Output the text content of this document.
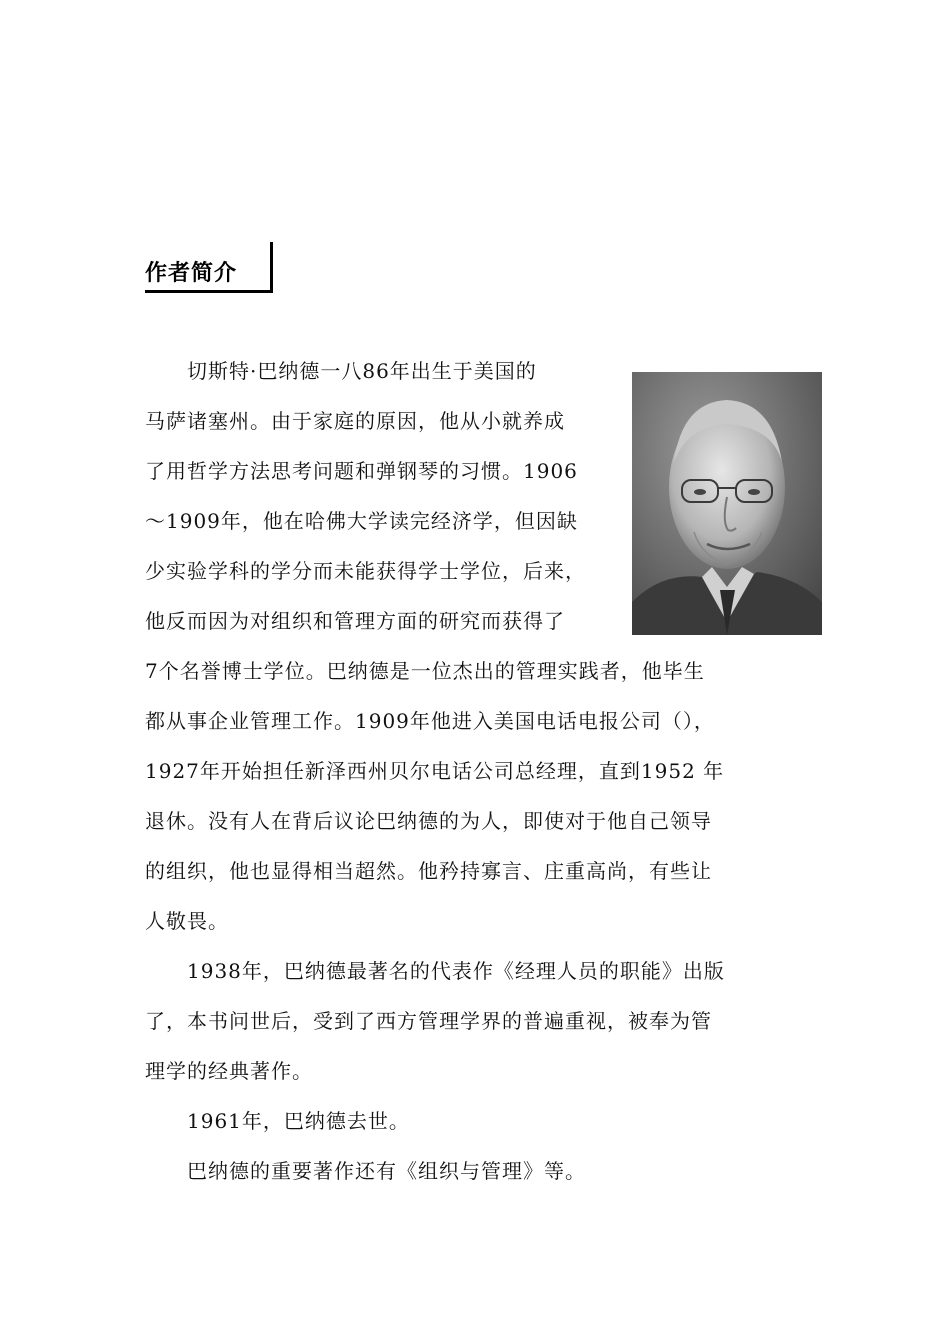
作者简介
　　切斯特·巴纳德一八86年出生于美国的
马萨诸塞州。由于家庭的原因，他从小就养成
了用哲学方法思考问题和弹钢琴的习惯。1906
～1909年，他在哈佛大学读完经济学，但因缺
少实验学科的学分而未能获得学士学位，后来，
他反而因为对组织和管理方面的研究而获得了
7个名誉博士学位。巴纳德是一位杰出的管理实践者，他毕生
都从事企业管理工作。1909年他进入美国电话电报公司（），
1927年开始担任新泽西州贝尔电话公司总经理，直到1952 年
退休。没有人在背后议论巴纳德的为人，即使对于他自己领导
的组织，他也显得相当超然。他矜持寡言、庄重高尚，有些让
人敬畏。
　　1938年，巴纳德最著名的代表作《经理人员的职能》出版
了，本书问世后，受到了西方管理学界的普遍重视，被奉为管
理学的经典著作。
　　1961年，巴纳德去世。
　　巴纳德的重要著作还有《组织与管理》等。
